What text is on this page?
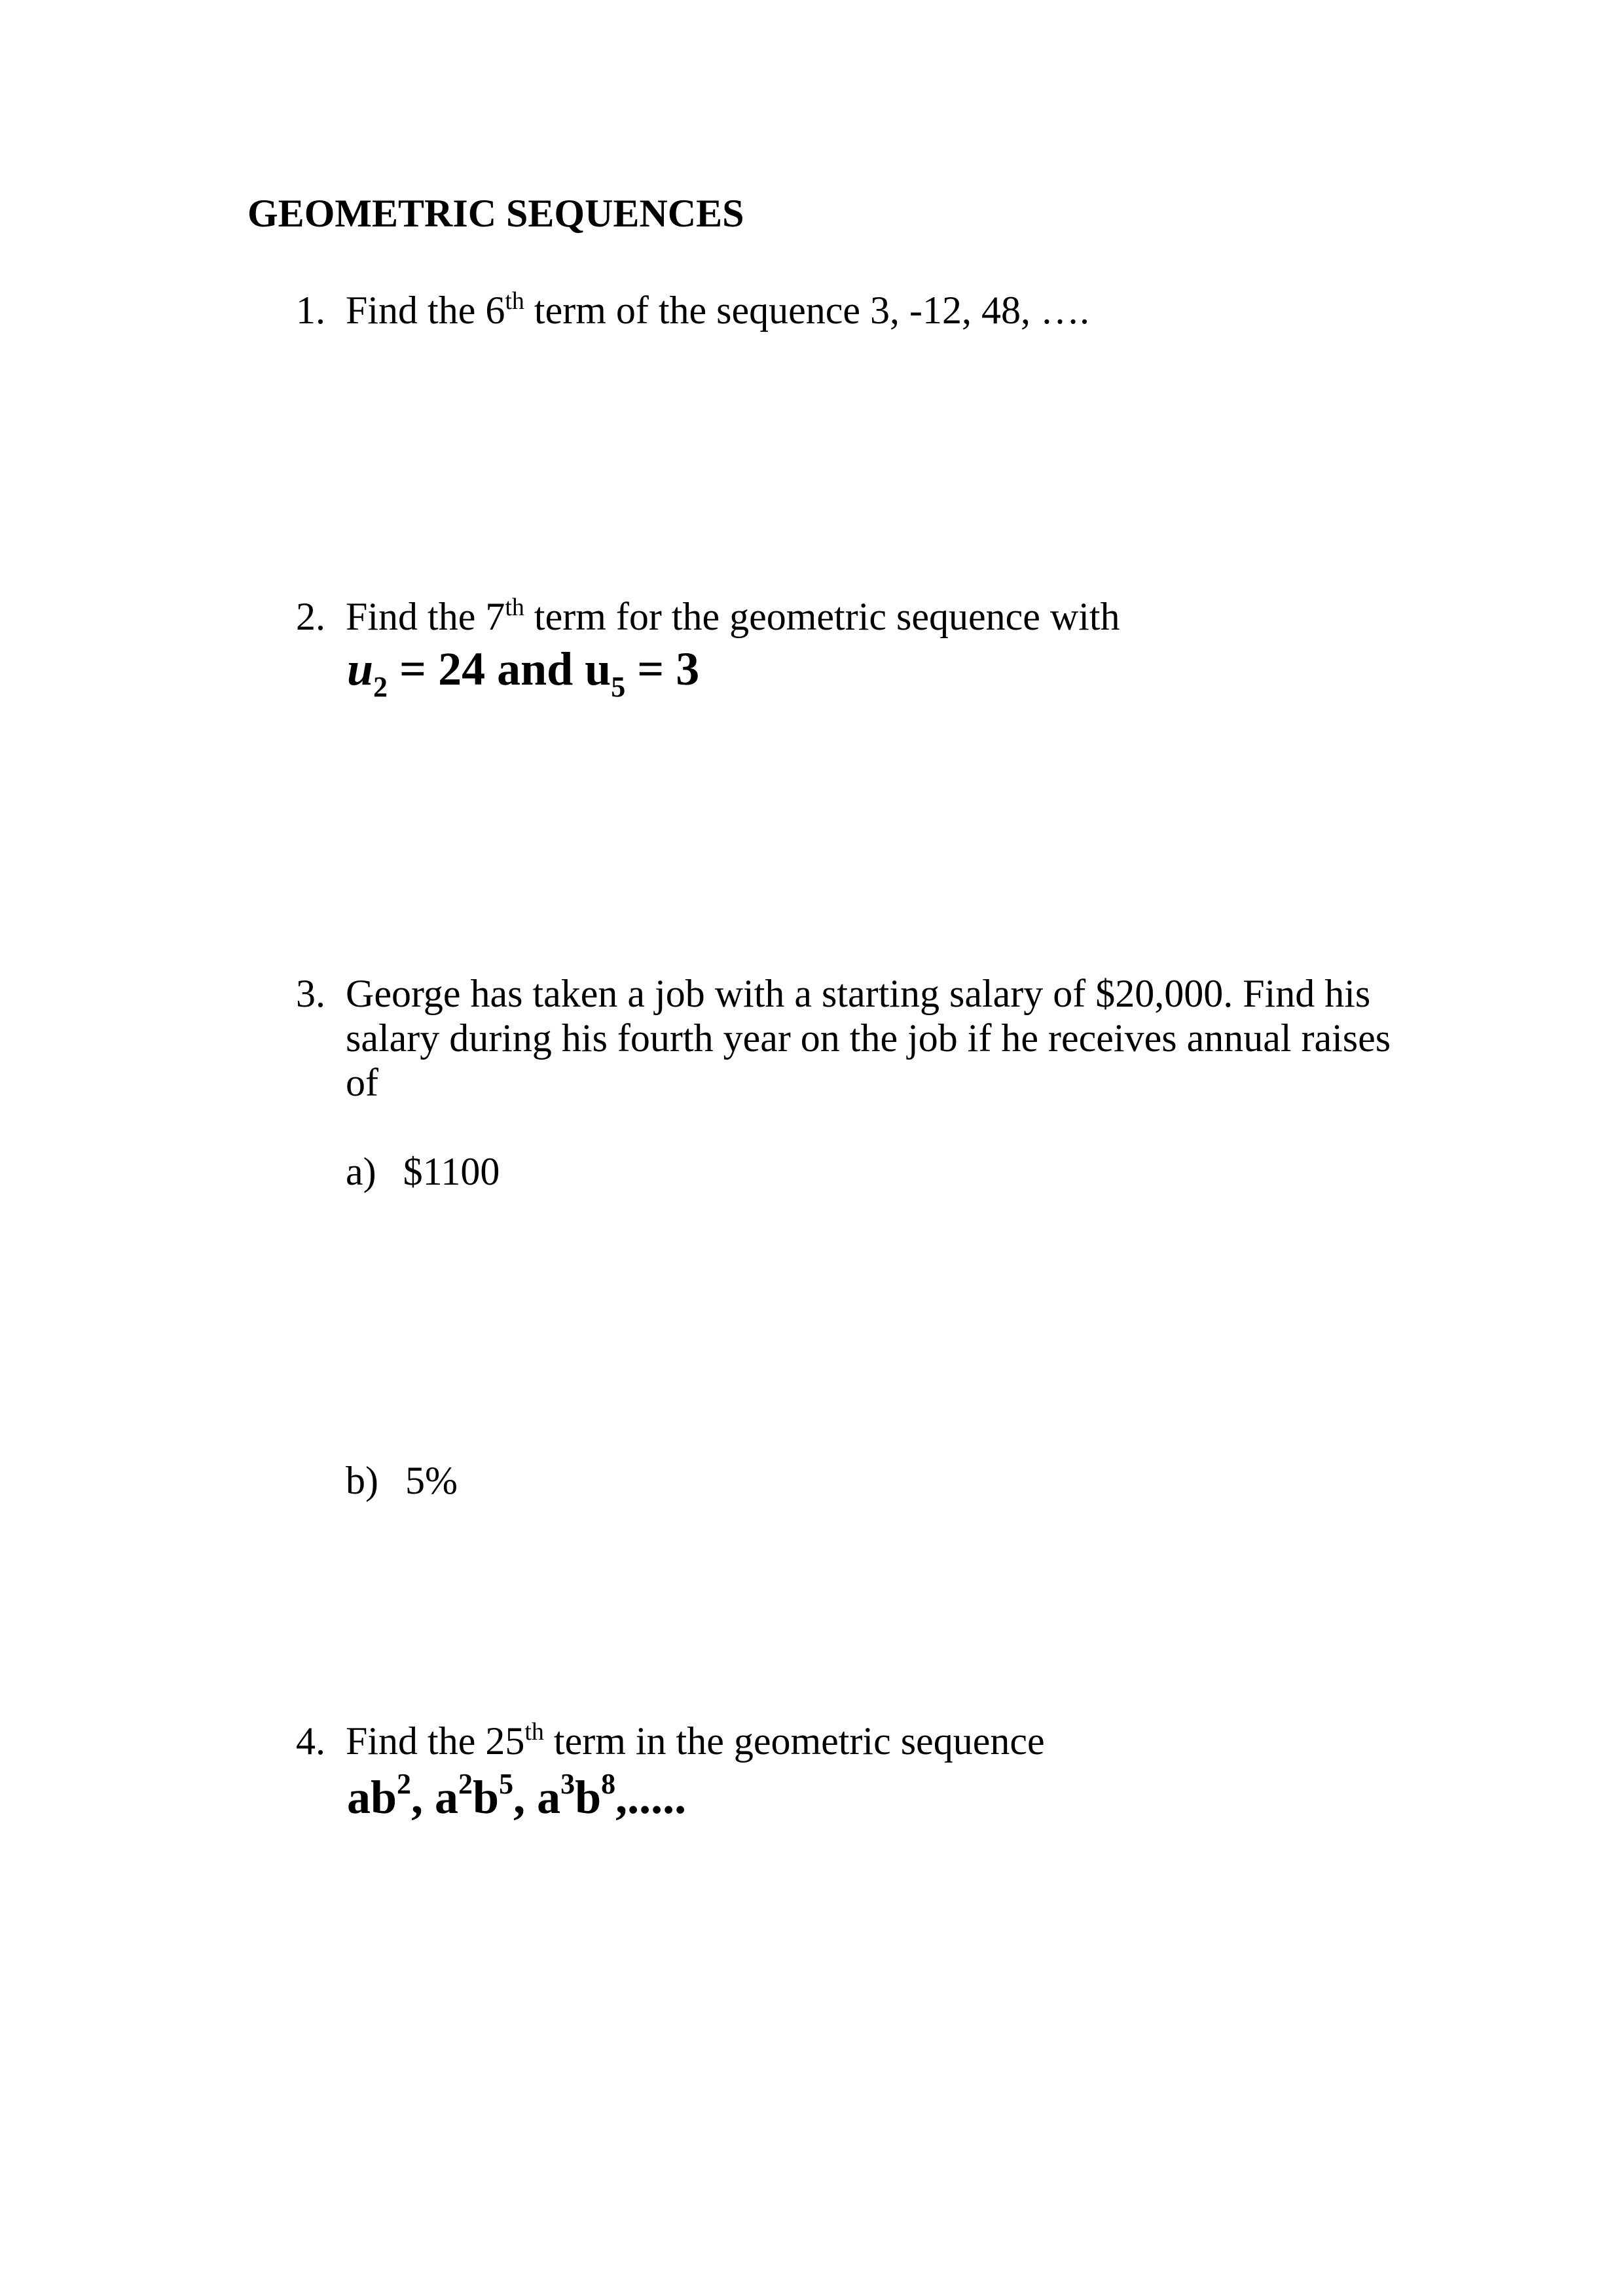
GEOMETRIC SEQUENCES
1. Find the 6th term of the sequence 3, -12, 48, ….
2. Find the 7th term for the geometric sequence with
$u_2 = 24$ and $u_5 = 3$
3. George has taken a job with a starting salary of $20,000. Find his
salary during his fourth year on the job if he receives annual raises
of
a) $1100
b) 5%
4. Find the 25th term in the geometric sequence
$ab^2$, $a^2b^5$, $a^3b^8$,.....
